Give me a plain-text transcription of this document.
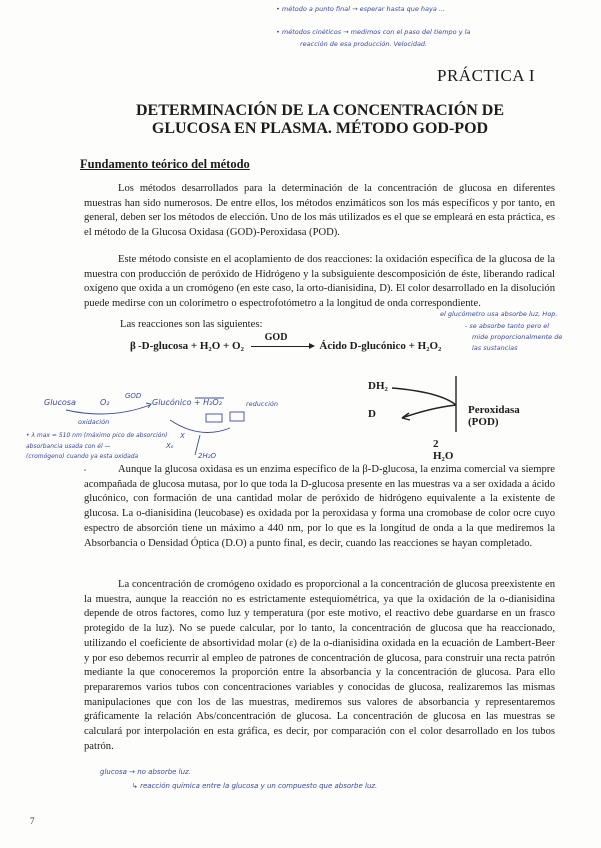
• método a punto final → esperar hasta que haya ...
• métodos cinéticos → medimos con el paso del tiempo y la
reacción de esa producción. Velocidad.
PRÁCTICA I
DETERMINACIÓN DE LA CONCENTRACIÓN DE
GLUCOSA EN PLASMA. MÉTODO GOD-POD
Fundamento teórico del método
Los métodos desarrollados para la determinación de la concentración de glucosa en diferentes muestras han sido numerosos. De entre ellos, los métodos enzimáticos son los más específicos y por tanto, en general, deben ser los métodos de elección. Uno de los más utilizados es el que se empleará en esta práctica, es el método de la Glucosa Oxidasa (GOD)-Peroxidasa (POD).
Este método consiste en el acoplamiento de dos reacciones: la oxidación específica de la glucosa de la muestra con producción de peróxido de Hidrógeno y la subsiguiente descomposición de éste, liberando radical oxígeno que oxida a un cromógeno (en este caso, la orto-dianisidina, D). El color desarrollado en la disolución puede medirse con un colorímetro o espectrofotómetro a la longitud de onda correspondiente.
Las reacciones son las siguientes:
β -D-glucosa + H₂O + O₂
GOD
Ácido D-glucónico + H₂O₂
DH₂
D	Peroxidasa (POD)
2 H₂O
el glucómetro usa absorbe luz, Hop.
- se absorbe tanto pero el
mide proporcionalmente de
las sustancias
Glucosa	O₂
GOD
Glucónico + H₂O₂
oxidación
reducción
X
Xₒ
2H₂O
• λ max = 510 nm (máximo pico de absorción)
absorbancia usada con él —
(cromógeno) cuando ya esta oxidada
Aunque la glucosa oxidasa es un enzima específico de la β-D-glucosa, la enzima comercial va siempre acompañada de glucosa mutasa, por lo que toda la D-glucosa presente en las muestras va a ser oxidada a ácido glucónico, con formación de una cantidad molar de peróxido de hidrógeno equivalente a la existente de glucosa. La o-dianisidina (leucobase) es oxidada por la peroxidasa y forma una cromobase de color ocre cuyo espectro de absorción tiene un máximo a 440 nm, por lo que es la longitud de onda a la que mediremos la Absorbancia o Densidad Óptica (D.O) a punto final, es decir, cuando las reacciones se hayan completado.
La concentración de cromógeno oxidado es proporcional a la concentración de glucosa preexistente en la muestra, aunque la reacción no es estrictamente estequiométrica, ya que la oxidación de la o-dianisidina depende de otros factores, como luz y temperatura (por este motivo, el reactivo debe guardarse en un frasco protegido de la luz). No se puede calcular, por lo tanto, la concentración de glucosa que ha reaccionado, utilizando el coeficiente de absortividad molar (ε) de la o-dianisidina oxidada en la ecuación de Lambert-Beer y por eso debemos recurrir al empleo de patrones de concentración de glucosa, para construir una recta patrón mediante la que conoceremos la proporción entre la absorbancia y la concentración de glucosa. Para ello prepararemos varios tubos con concentraciones variables y conocidas de glucosa, realizaremos las mismas manipulaciones que con los de las muestras, mediremos sus valores de absorbancia y representaremos gráficamente la relación Abs/concentración de glucosa. La concentración de glucosa en las muestras se calculará por interpolación en esta gráfica, es decir, por comparación con el color desarrollado en los tubos patrón.
glucosa → no absorbe luz.
↳ reacción química entre la glucosa y un compuesto que absorbe luz.
7
